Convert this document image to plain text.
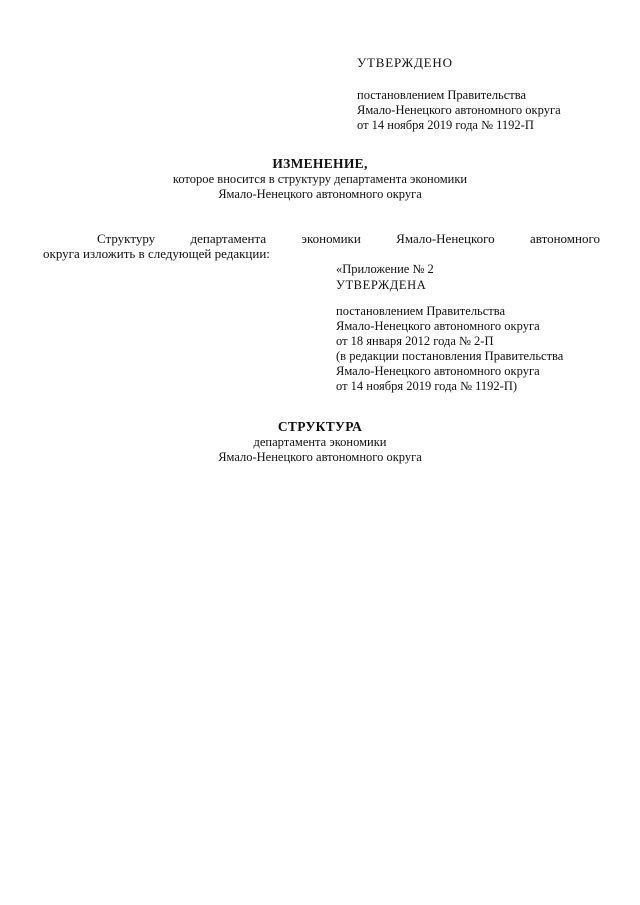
УТВЕРЖДЕНО
постановлением Правительства
Ямало-Ненецкого автономного округа
от 14 ноября 2019 года № 1192-П
ИЗМЕНЕНИЕ,
которое вносится в структуру департамента экономики
Ямало-Ненецкого автономного округа
Структуру департамента экономики Ямало-Ненецкого автономного
округа изложить в следующей редакции:
«Приложение № 2
УТВЕРЖДЕНА
постановлением Правительства
Ямало-Ненецкого автономного округа
от 18 января 2012 года № 2-П
(в редакции постановления Правительства
Ямало-Ненецкого автономного округа
от 14 ноября 2019 года № 1192-П)
СТРУКТУРА
департамента экономики
Ямало-Ненецкого автономного округа
